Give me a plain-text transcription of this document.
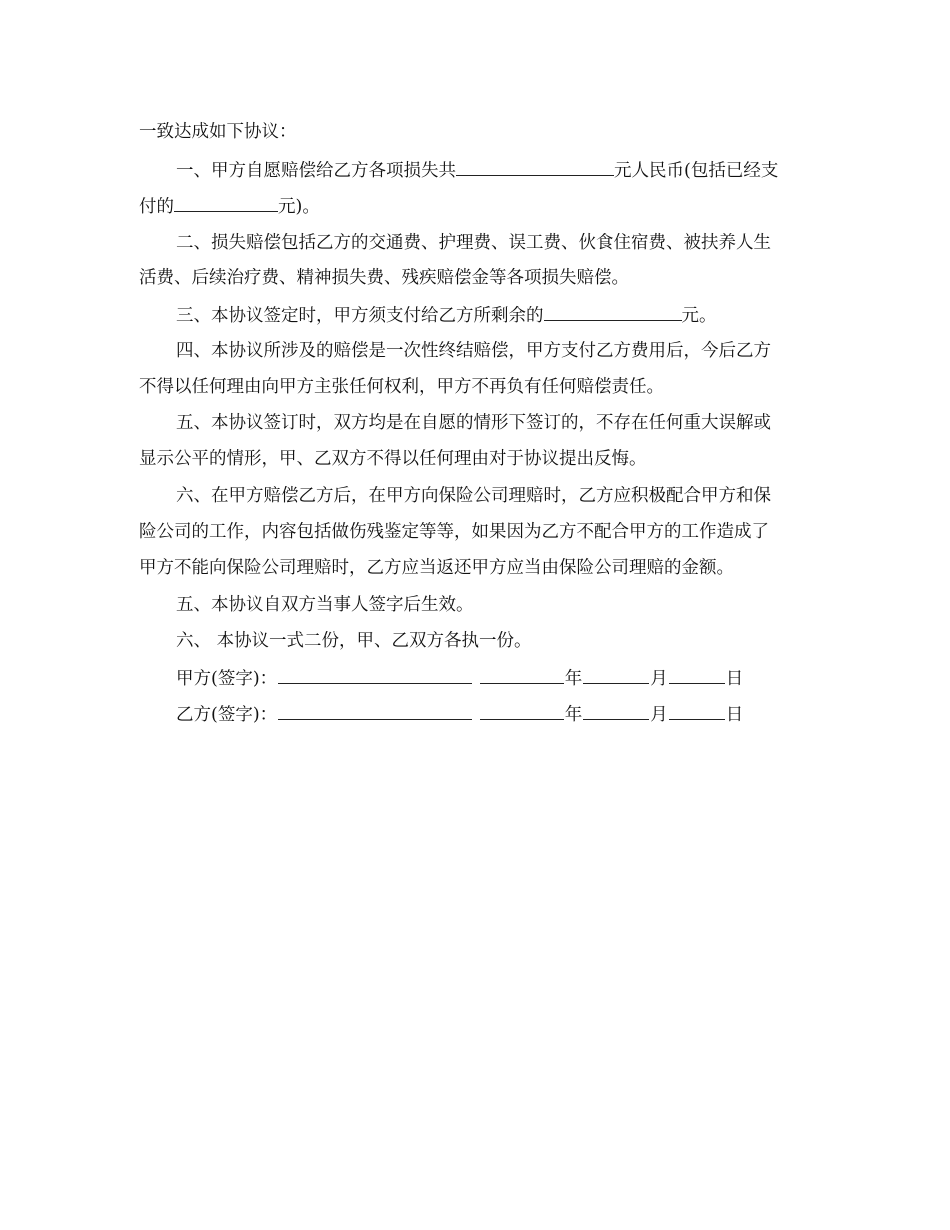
一致达成如下协议：
一、甲方自愿赔偿给乙方各项损失共	元人民币(包括已经支
付的	元)。
二、损失赔偿包括乙方的交通费、护理费、误工费、伙食住宿费、被扶养人生
活费、后续治疗费、精神损失费、残疾赔偿金等各项损失赔偿。
三、本协议签定时，甲方须支付给乙方所剩余的	元。
四、本协议所涉及的赔偿是一次性终结赔偿，甲方支付乙方费用后，今后乙方
不得以任何理由向甲方主张任何权利，甲方不再负有任何赔偿责任。
五、本协议签订时，双方均是在自愿的情形下签订的，不存在任何重大误解或
显示公平的情形，甲、乙双方不得以任何理由对于协议提出反悔。
六、在甲方赔偿乙方后，在甲方向保险公司理赔时，乙方应积极配合甲方和保
险公司的工作，内容包括做伤残鉴定等等，如果因为乙方不配合甲方的工作造成了
甲方不能向保险公司理赔时，乙方应当返还甲方应当由保险公司理赔的金额。
五、本协议自双方当事人签字后生效。
六、 本协议一式二份，甲、乙双方各执一份。
甲方(签字)：	年	月	日
乙方(签字)：	年	月	日
